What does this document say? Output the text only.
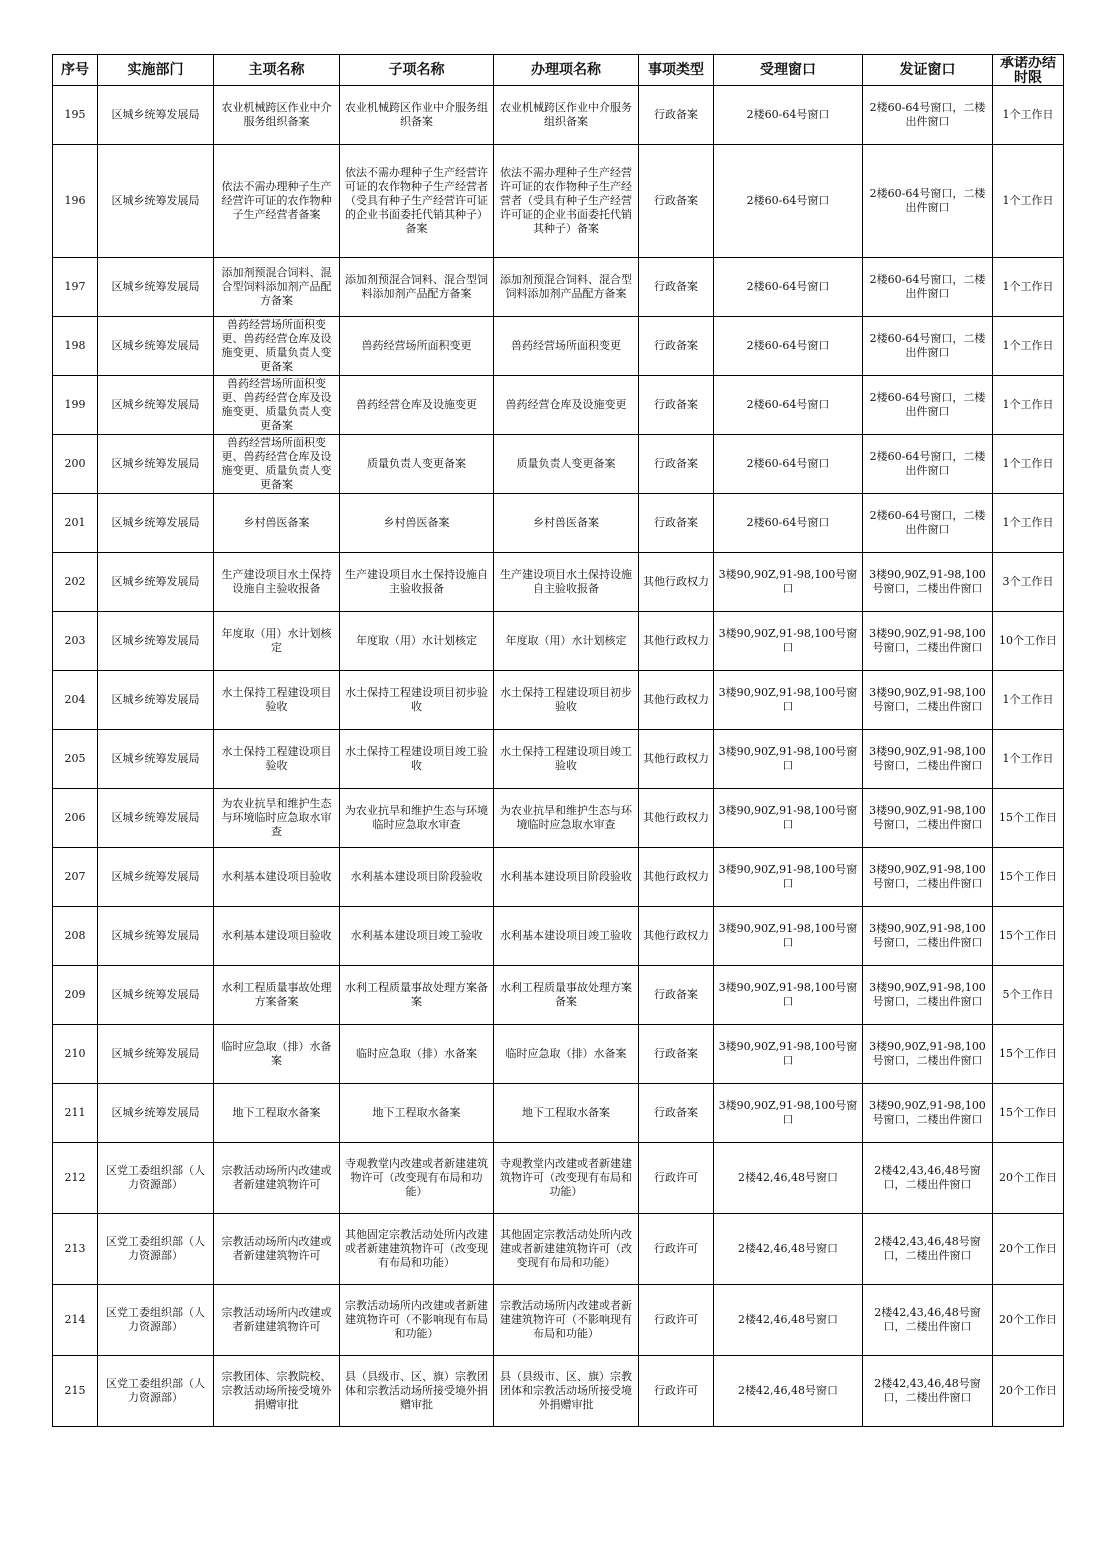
序号	实施部门	主项名称	子项名称	办理项名称	事项类型	受理窗口	发证窗口	承诺办结时限

195	区城乡统筹发展局	农业机械跨区作业中介服务组织备案	农业机械跨区作业中介服务组织备案	农业机械跨区作业中介服务组织备案	行政备案	2楼60-64号窗口	2楼60-64号窗口，二楼出件窗口	1个工作日
196	区城乡统筹发展局	依法不需办理种子生产经营许可证的农作物种子生产经营者备案	依法不需办理种子生产经营许可证的农作物种子生产经营者（受具有种子生产经营许可证的企业书面委托代销其种子）备案	依法不需办理种子生产经营许可证的农作物种子生产经营者（受具有种子生产经营许可证的企业书面委托代销其种子）备案	行政备案	2楼60-64号窗口	2楼60-64号窗口，二楼出件窗口	1个工作日
197	区城乡统筹发展局	添加剂预混合饲料、混合型饲料添加剂产品配方备案	添加剂预混合饲料、混合型饲料添加剂产品配方备案	添加剂预混合饲料、混合型饲料添加剂产品配方备案	行政备案	2楼60-64号窗口	2楼60-64号窗口，二楼出件窗口	1个工作日
198	区城乡统筹发展局	兽药经营场所面积变更、兽药经营仓库及设施变更、质量负责人变更备案	兽药经营场所面积变更	兽药经营场所面积变更	行政备案	2楼60-64号窗口	2楼60-64号窗口，二楼出件窗口	1个工作日
199	区城乡统筹发展局	兽药经营场所面积变更、兽药经营仓库及设施变更、质量负责人变更备案	兽药经营仓库及设施变更	兽药经营仓库及设施变更	行政备案	2楼60-64号窗口	2楼60-64号窗口，二楼出件窗口	1个工作日
200	区城乡统筹发展局	兽药经营场所面积变更、兽药经营仓库及设施变更、质量负责人变更备案	质量负责人变更备案	质量负责人变更备案	行政备案	2楼60-64号窗口	2楼60-64号窗口，二楼出件窗口	1个工作日
201	区城乡统筹发展局	乡村兽医备案	乡村兽医备案	乡村兽医备案	行政备案	2楼60-64号窗口	2楼60-64号窗口，二楼出件窗口	1个工作日
202	区城乡统筹发展局	生产建设项目水土保持设施自主验收报备	生产建设项目水土保持设施自主验收报备	生产建设项目水土保持设施自主验收报备	其他行政权力	3楼90,90Z,91-98,100号窗口	3楼90,90Z,91-98,100号窗口，二楼出件窗口	3个工作日
203	区城乡统筹发展局	年度取（用）水计划核定	年度取（用）水计划核定	年度取（用）水计划核定	其他行政权力	3楼90,90Z,91-98,100号窗口	3楼90,90Z,91-98,100号窗口，二楼出件窗口	10个工作日
204	区城乡统筹发展局	水土保持工程建设项目验收	水土保持工程建设项目初步验收	水土保持工程建设项目初步验收	其他行政权力	3楼90,90Z,91-98,100号窗口	3楼90,90Z,91-98,100号窗口，二楼出件窗口	1个工作日
205	区城乡统筹发展局	水土保持工程建设项目验收	水土保持工程建设项目竣工验收	水土保持工程建设项目竣工验收	其他行政权力	3楼90,90Z,91-98,100号窗口	3楼90,90Z,91-98,100号窗口，二楼出件窗口	1个工作日
206	区城乡统筹发展局	为农业抗旱和维护生态与环境临时应急取水审查	为农业抗旱和维护生态与环境临时应急取水审查	为农业抗旱和维护生态与环境临时应急取水审查	其他行政权力	3楼90,90Z,91-98,100号窗口	3楼90,90Z,91-98,100号窗口，二楼出件窗口	15个工作日
207	区城乡统筹发展局	水利基本建设项目验收	水利基本建设项目阶段验收	水利基本建设项目阶段验收	其他行政权力	3楼90,90Z,91-98,100号窗口	3楼90,90Z,91-98,100号窗口，二楼出件窗口	15个工作日
208	区城乡统筹发展局	水利基本建设项目验收	水利基本建设项目竣工验收	水利基本建设项目竣工验收	其他行政权力	3楼90,90Z,91-98,100号窗口	3楼90,90Z,91-98,100号窗口，二楼出件窗口	15个工作日
209	区城乡统筹发展局	水利工程质量事故处理方案备案	水利工程质量事故处理方案备案	水利工程质量事故处理方案备案	行政备案	3楼90,90Z,91-98,100号窗口	3楼90,90Z,91-98,100号窗口，二楼出件窗口	5个工作日
210	区城乡统筹发展局	临时应急取（排）水备案	临时应急取（排）水备案	临时应急取（排）水备案	行政备案	3楼90,90Z,91-98,100号窗口	3楼90,90Z,91-98,100号窗口，二楼出件窗口	15个工作日
211	区城乡统筹发展局	地下工程取水备案	地下工程取水备案	地下工程取水备案	行政备案	3楼90,90Z,91-98,100号窗口	3楼90,90Z,91-98,100号窗口，二楼出件窗口	15个工作日
212	区党工委组织部（人力资源部）	宗教活动场所内改建或者新建建筑物许可	寺观教堂内改建或者新建建筑物许可（改变现有布局和功能）	寺观教堂内改建或者新建建筑物许可（改变现有布局和功能）	行政许可	2楼42,46,48号窗口	2楼42,43,46,48号窗口，二楼出件窗口	20个工作日
213	区党工委组织部（人力资源部）	宗教活动场所内改建或者新建建筑物许可	其他固定宗教活动处所内改建或者新建建筑物许可（改变现有布局和功能）	其他固定宗教活动处所内改建或者新建建筑物许可（改变现有布局和功能）	行政许可	2楼42,46,48号窗口	2楼42,43,46,48号窗口，二楼出件窗口	20个工作日
214	区党工委组织部（人力资源部）	宗教活动场所内改建或者新建建筑物许可	宗教活动场所内改建或者新建建筑物许可（不影响现有布局和功能）	宗教活动场所内改建或者新建建筑物许可（不影响现有布局和功能）	行政许可	2楼42,46,48号窗口	2楼42,43,46,48号窗口，二楼出件窗口	20个工作日
215	区党工委组织部（人力资源部）	宗教团体、宗教院校、宗教活动场所接受境外捐赠审批	县（县级市、区、旗）宗教团体和宗教活动场所接受境外捐赠审批	县（县级市、区、旗）宗教团体和宗教活动场所接受境外捐赠审批	行政许可	2楼42,46,48号窗口	2楼42,43,46,48号窗口，二楼出件窗口	20个工作日
